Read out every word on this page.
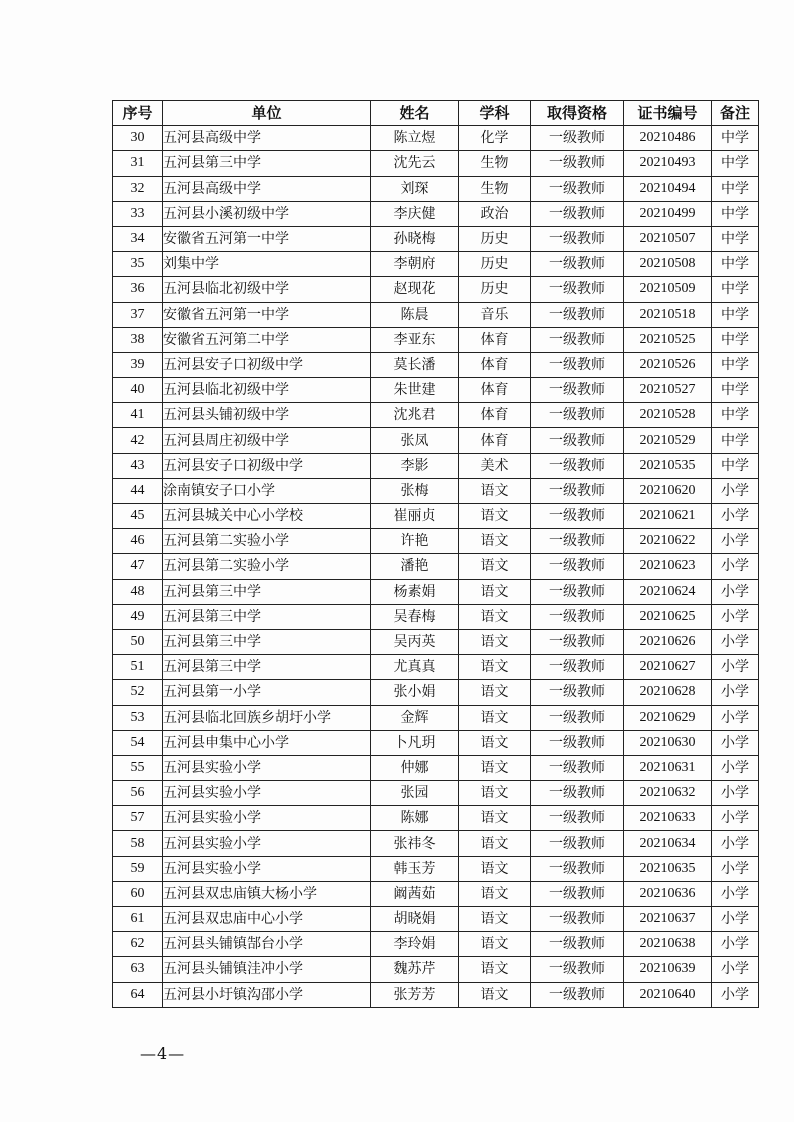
序号	单位	姓名	学科	取得资格	证书编号	备注
30	五河县高级中学	陈立煜	化学	一级教师	20210486	中学
31	五河县第三中学	沈先云	生物	一级教师	20210493	中学
32	五河县高级中学	刘琛	生物	一级教师	20210494	中学
33	五河县小溪初级中学	李庆健	政治	一级教师	20210499	中学
34	安徽省五河第一中学	孙晓梅	历史	一级教师	20210507	中学
35	刘集中学	李朝府	历史	一级教师	20210508	中学
36	五河县临北初级中学	赵现花	历史	一级教师	20210509	中学
37	安徽省五河第一中学	陈晨	音乐	一级教师	20210518	中学
38	安徽省五河第二中学	李亚东	体育	一级教师	20210525	中学
39	五河县安子口初级中学	莫长潘	体育	一级教师	20210526	中学
40	五河县临北初级中学	朱世建	体育	一级教师	20210527	中学
41	五河县头铺初级中学	沈兆君	体育	一级教师	20210528	中学
42	五河县周庄初级中学	张凤	体育	一级教师	20210529	中学
43	五河县安子口初级中学	李影	美术	一级教师	20210535	中学
44	涂南镇安子口小学	张梅	语文	一级教师	20210620	小学
45	五河县城关中心小学校	崔丽贞	语文	一级教师	20210621	小学
46	五河县第二实验小学	许艳	语文	一级教师	20210622	小学
47	五河县第二实验小学	潘艳	语文	一级教师	20210623	小学
48	五河县第三中学	杨素娟	语文	一级教师	20210624	小学
49	五河县第三中学	吴春梅	语文	一级教师	20210625	小学
50	五河县第三中学	吴丙英	语文	一级教师	20210626	小学
51	五河县第三中学	尤真真	语文	一级教师	20210627	小学
52	五河县第一小学	张小娟	语文	一级教师	20210628	小学
53	五河县临北回族乡胡圩小学	金辉	语文	一级教师	20210629	小学
54	五河县申集中心小学	卜凡玥	语文	一级教师	20210630	小学
55	五河县实验小学	仲娜	语文	一级教师	20210631	小学
56	五河县实验小学	张园	语文	一级教师	20210632	小学
57	五河县实验小学	陈娜	语文	一级教师	20210633	小学
58	五河县实验小学	张祎冬	语文	一级教师	20210634	小学
59	五河县实验小学	韩玉芳	语文	一级教师	20210635	小学
60	五河县双忠庙镇大杨小学	阚茜茹	语文	一级教师	20210636	小学
61	五河县双忠庙中心小学	胡晓娟	语文	一级教师	20210637	小学
62	五河县头铺镇郜台小学	李玲娟	语文	一级教师	20210638	小学
63	五河县头铺镇洼冲小学	魏苏芹	语文	一级教师	20210639	小学
64	五河县小圩镇沟邵小学	张芳芳	语文	一级教师	20210640	小学
—4—
